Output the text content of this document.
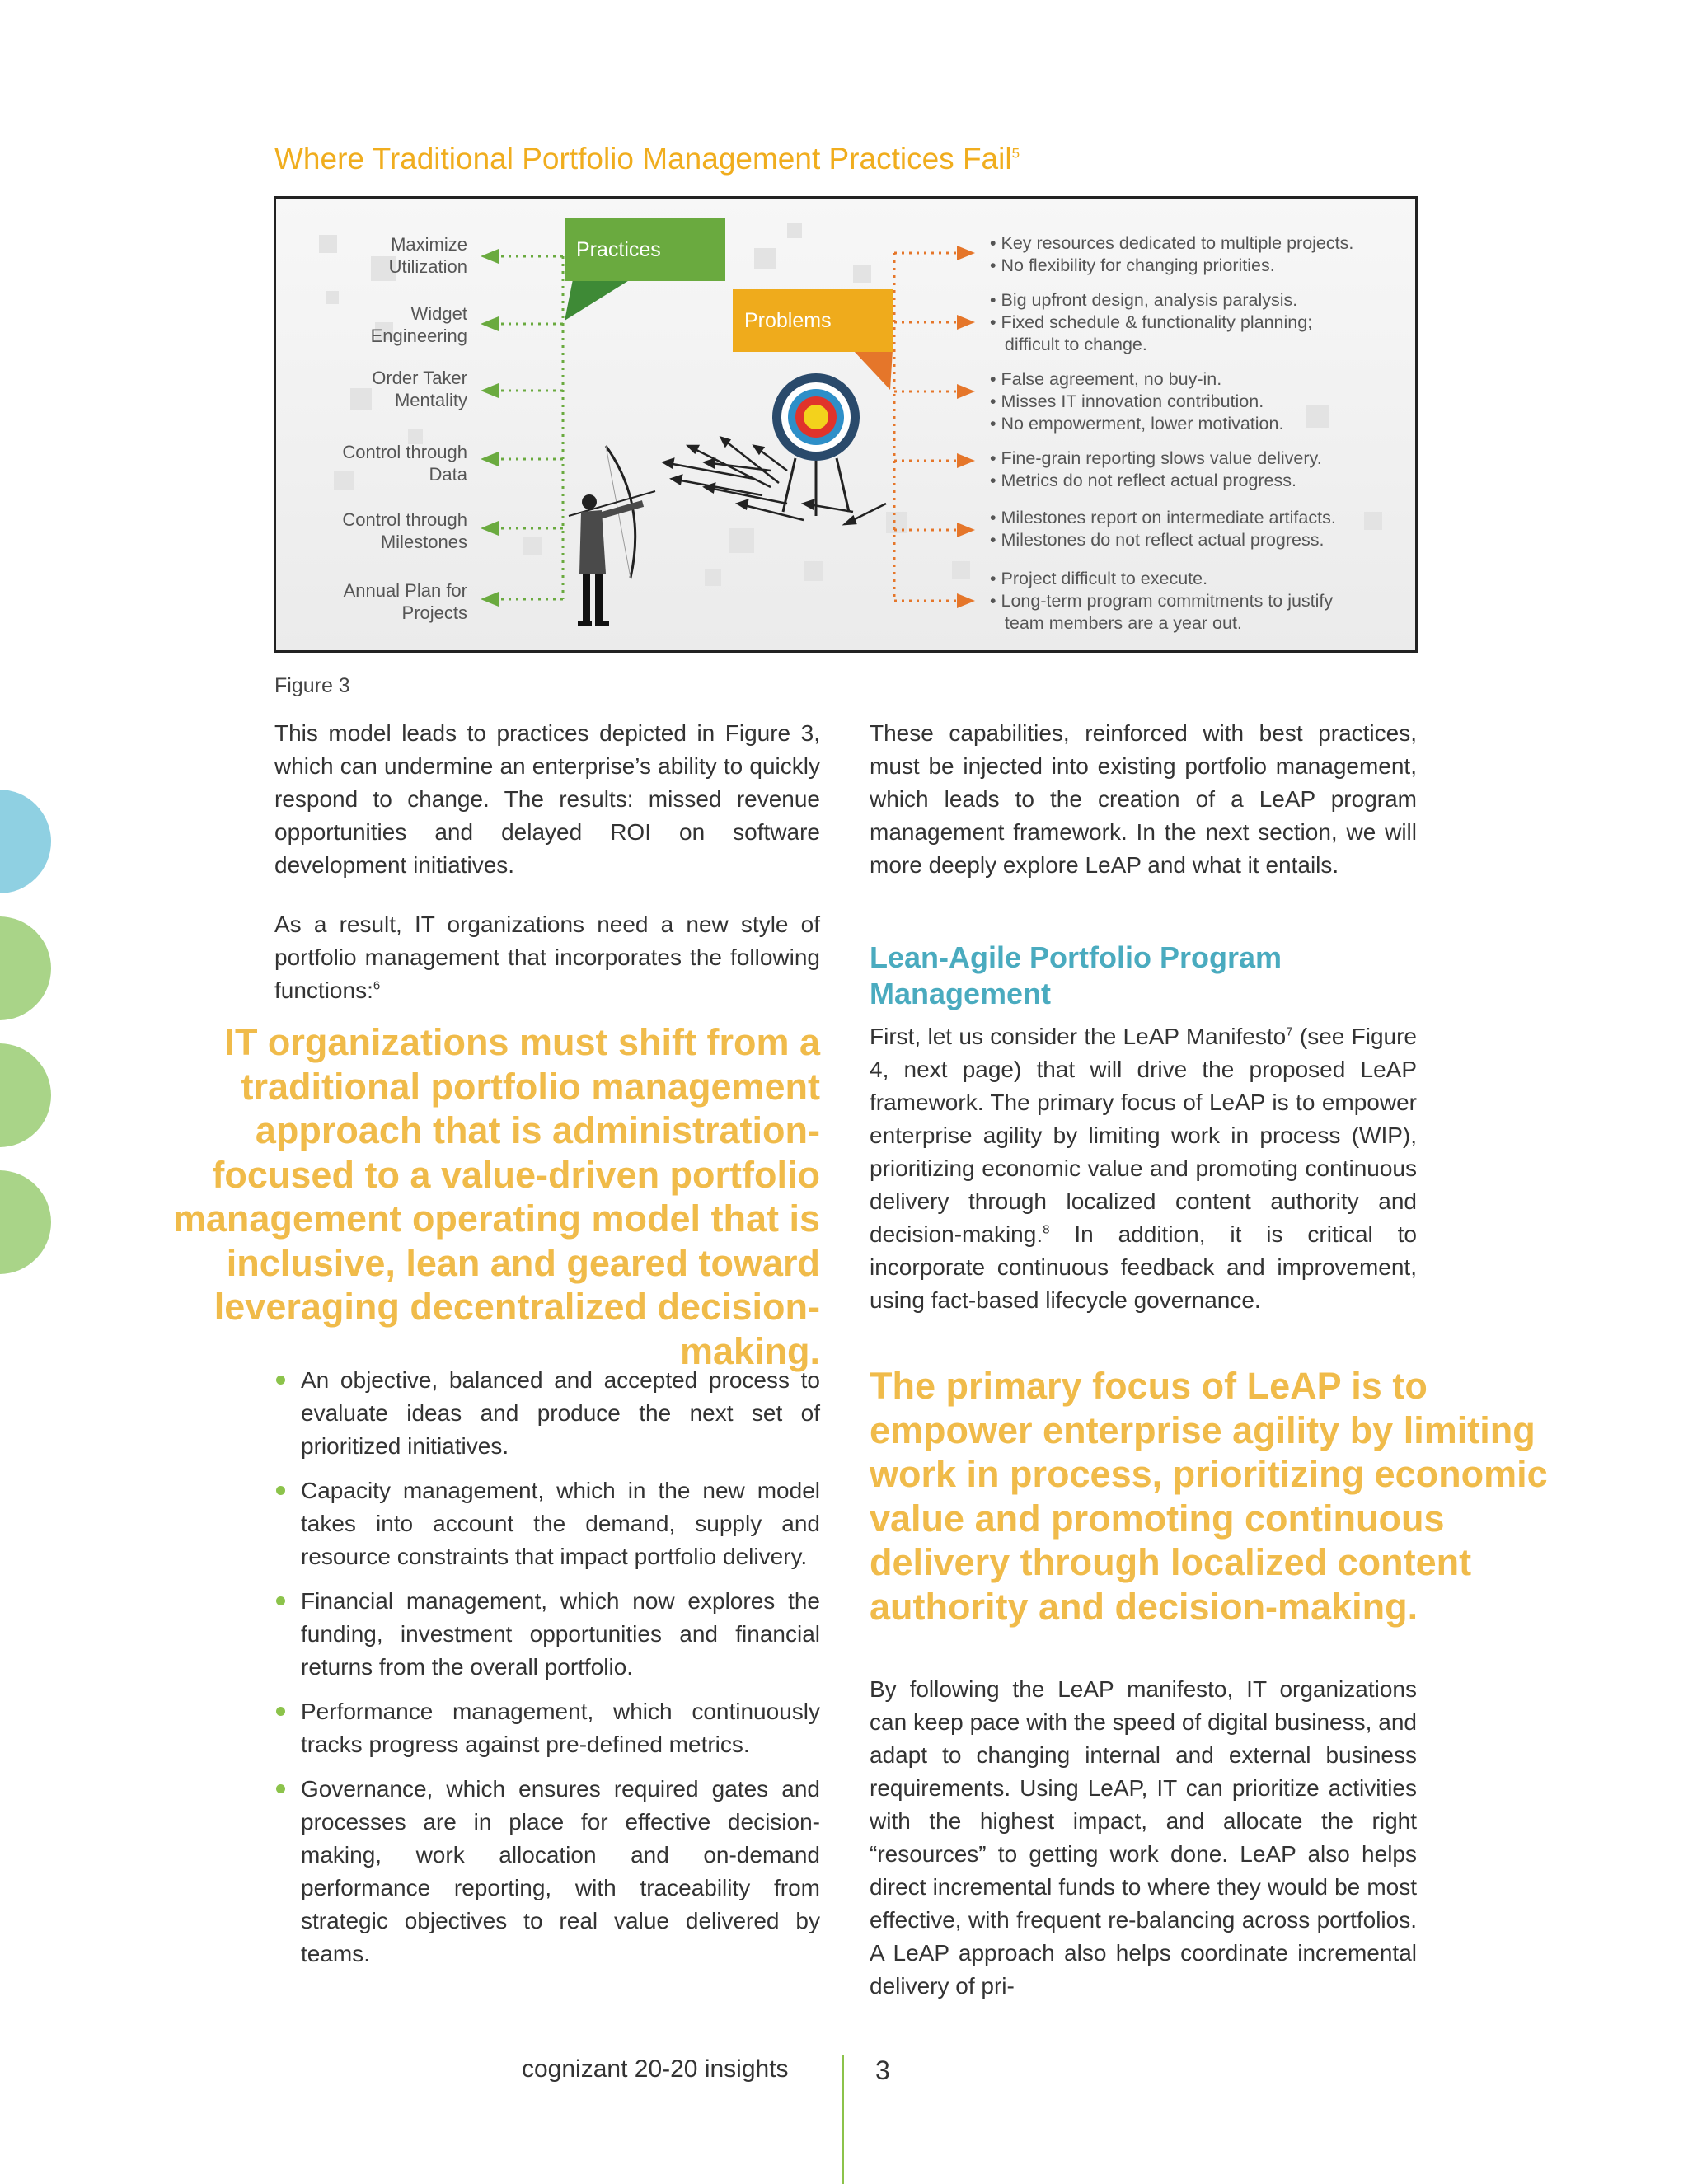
Where Traditional Portfolio Management Practices Fail$^5$
Maximize
Utilization
Widget
Engineering
Order Taker
Mentality
Control through
Data
Control through
Milestones
Annual Plan for
Projects
Practices
Problems
• Key resources dedicated to multiple projects.
• No flexibility for changing priorities.
• Big upfront design, analysis paralysis.
• Fixed schedule & functionality planning;
difficult to change.
• False agreement, no buy-in.
• Misses IT innovation contribution.
• No empowerment, lower motivation.
• Fine-grain reporting slows value delivery.
• Metrics do not reflect actual progress.
• Milestones report on intermediate artifacts.
• Milestones do not reflect actual progress.
• Project difficult to execute.
• Long-term program commitments to justify
team members are a year out.
Figure 3
This model leads to practices depicted in Figure 3, which can undermine an enterprise’s ability to quickly respond to change. The results: missed revenue opportunities and delayed ROI on software development initiatives.
As a result, IT organizations need a new style of portfolio management that incorporates the following functions:$^6$
IT organizations must shift from a traditional portfolio management approach that is administration-focused to a value-driven portfolio management operating model that is inclusive, lean and geared toward leveraging decentralized decision-making.
An objective, balanced and accepted process to evaluate ideas and produce the next set of prioritized initiatives.
Capacity management, which in the new model takes into account the demand, supply and resource constraints that impact portfolio delivery.
Financial management, which now explores the funding, investment opportunities and financial returns from the overall portfolio.
Performance management, which continuously tracks progress against pre-defined metrics.
Governance, which ensures required gates and processes are in place for effective decision-making, work allocation and on-demand performance reporting, with traceability from strategic objectives to real value delivered by teams.
These capabilities, reinforced with best practices, must be injected into existing portfolio management, which leads to the creation of a LeAP program management framework. In the next section, we will more deeply explore LeAP and what it entails.
Lean-Agile Portfolio Program Management
First, let us consider the LeAP Manifesto$^7$ (see Figure 4, next page) that will drive the proposed LeAP framework. The primary focus of LeAP is to empower enterprise agility by limiting work in process (WIP), prioritizing economic value and promoting continuous delivery through localized content authority and decision-making.$^8$ In addition, it is critical to incorporate continuous feedback and improvement, using fact-based lifecycle governance.
The primary focus of LeAP is to empower enterprise agility by limiting work in process, prioritizing economic value and promoting continuous delivery through localized content authority and decision-making.
By following the LeAP manifesto, IT organizations can keep pace with the speed of digital business, and adapt to changing internal and external business requirements. Using LeAP, IT can prioritize activities with the highest impact, and allocate the right “resources” to getting work done. LeAP also helps direct incremental funds to where they would be most effective, with frequent re-balancing across portfolios. A LeAP approach also helps coordinate incremental delivery of pri-
cognizant 20-20 insights	3
